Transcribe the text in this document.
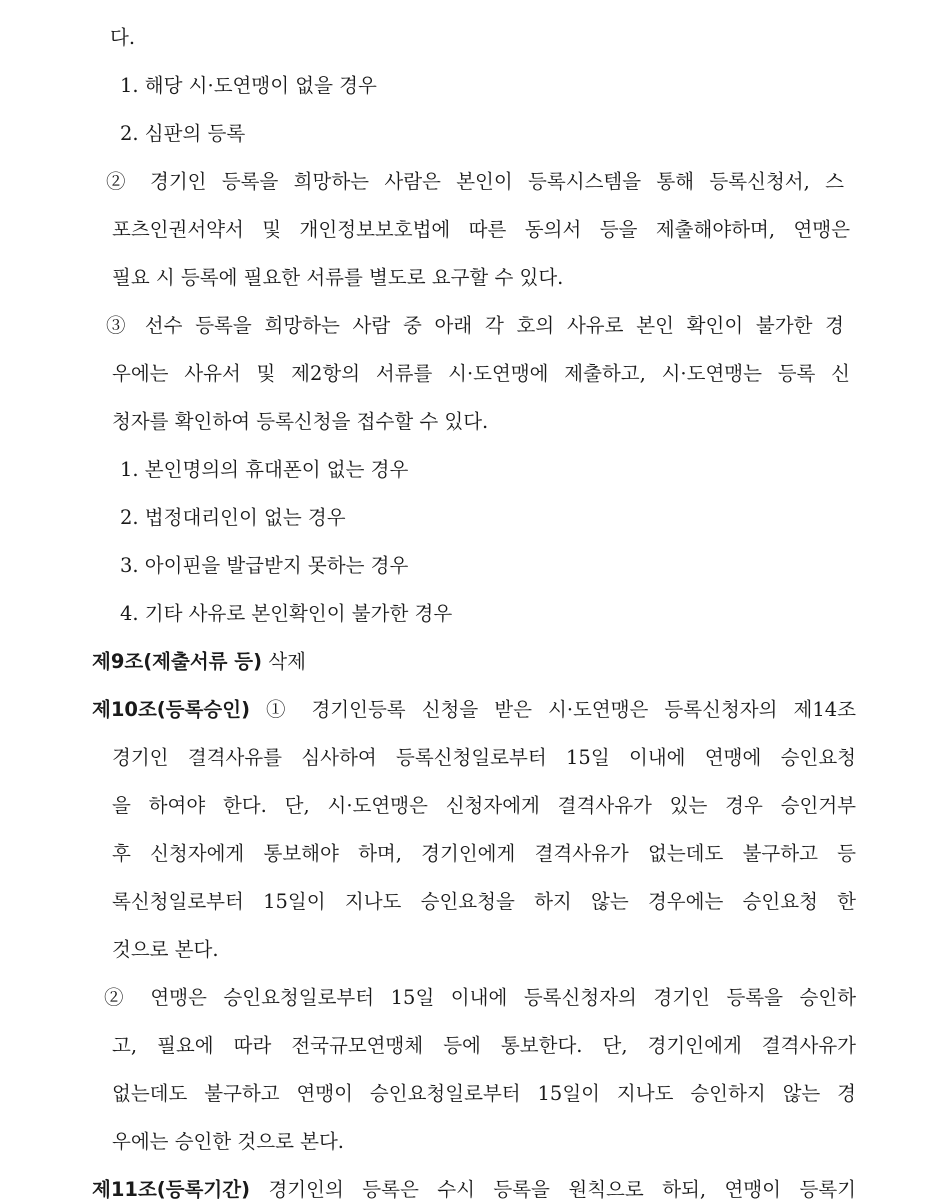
다.
1. 해당 시·도연맹이 없을 경우
2. 심판의 등록
② 경기인 등록을 희망하는 사람은 본인이 등록시스템을 통해 등록신청서, 스
포츠인권서약서 및 개인정보보호법에 따른 동의서 등을 제출해야하며, 연맹은
필요 시 등록에 필요한 서류를 별도로 요구할 수 있다.
③ 선수 등록을 희망하는 사람 중 아래 각 호의 사유로 본인 확인이 불가한 경
우에는 사유서 및 제2항의 서류를 시·도연맹에 제출하고, 시·도연맹는 등록 신
청자를 확인하여 등록신청을 접수할 수 있다.
1. 본인명의의 휴대폰이 없는 경우
2. 법정대리인이 없는 경우
3. 아이핀을 발급받지 못하는 경우
4. 기타 사유로 본인확인이 불가한 경우
제9조(제출서류 등) 삭제
제10조(등록승인) ① 경기인등록 신청을 받은 시·도연맹은 등록신청자의 제14조
경기인 결격사유를 심사하여 등록신청일로부터 15일 이내에 연맹에 승인요청
을 하여야 한다. 단, 시·도연맹은 신청자에게 결격사유가 있는 경우 승인거부
후 신청자에게 통보해야 하며, 경기인에게 결격사유가 없는데도 불구하고 등
록신청일로부터 15일이 지나도 승인요청을 하지 않는 경우에는 승인요청 한
것으로 본다.
② 연맹은 승인요청일로부터 15일 이내에 등록신청자의 경기인 등록을 승인하
고, 필요에 따라 전국규모연맹체 등에 통보한다. 단, 경기인에게 결격사유가
없는데도 불구하고 연맹이 승인요청일로부터 15일이 지나도 승인하지 않는 경
우에는 승인한 것으로 본다.
제11조(등록기간) 경기인의 등록은 수시 등록을 원칙으로 하되, 연맹이 등록기
